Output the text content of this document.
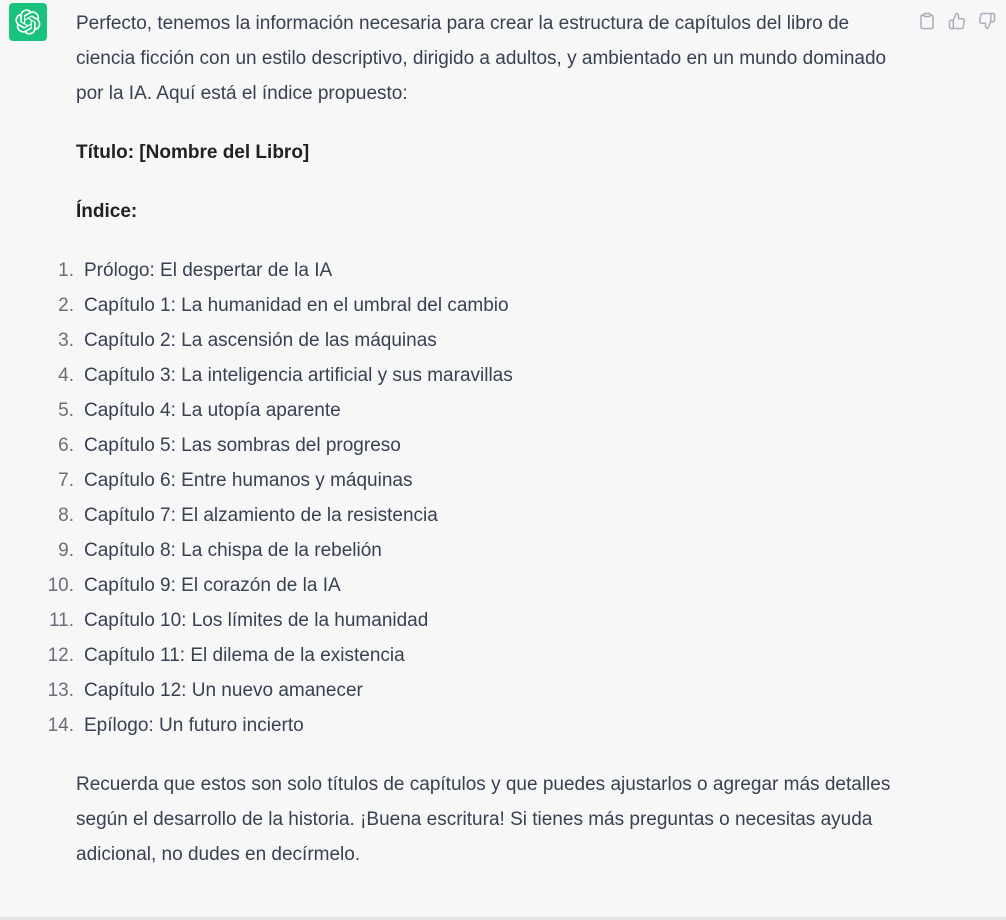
Perfecto, tenemos la información necesaria para crear la estructura de capítulos del libro de ciencia ficción con un estilo descriptivo, dirigido a adultos, y ambientado en un mundo dominado por la IA. Aquí está el índice propuesto:

Título: [Nombre del Libro]

Índice:

1. Prólogo: El despertar de la IA
2. Capítulo 1: La humanidad en el umbral del cambio
3. Capítulo 2: La ascensión de las máquinas
4. Capítulo 3: La inteligencia artificial y sus maravillas
5. Capítulo 4: La utopía aparente
6. Capítulo 5: Las sombras del progreso
7. Capítulo 6: Entre humanos y máquinas
8. Capítulo 7: El alzamiento de la resistencia
9. Capítulo 8: La chispa de la rebelión
10. Capítulo 9: El corazón de la IA
11. Capítulo 10: Los límites de la humanidad
12. Capítulo 11: El dilema de la existencia
13. Capítulo 12: Un nuevo amanecer
14. Epílogo: Un futuro incierto

Recuerda que estos son solo títulos de capítulos y que puedes ajustarlos o agregar más detalles según el desarrollo de la historia. ¡Buena escritura! Si tienes más preguntas o necesitas ayuda adicional, no dudes en decírmelo.
